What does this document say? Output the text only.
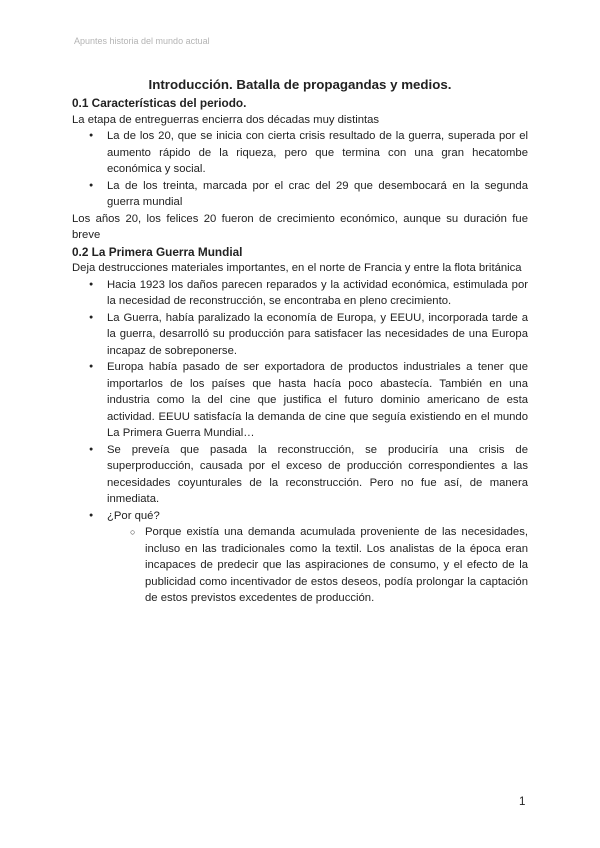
Apuntes historia del mundo actual
Introducción. Batalla de propagandas y medios.
0.1 Características del periodo.
La etapa de entreguerras encierra dos décadas muy distintas
● La de los 20, que se inicia con cierta crisis resultado de la guerra, superada por el aumento rápido de la riqueza, pero que termina con una gran hecatombe económica y social.
● La de los treinta, marcada por el crac del 29 que desembocará en la segunda guerra mundial
Los años 20, los felices 20 fueron de crecimiento económico, aunque su duración fue breve
0.2 La Primera Guerra Mundial
Deja destrucciones materiales importantes, en el norte de Francia y entre la flota británica
● Hacia 1923 los daños parecen reparados y la actividad económica, estimulada por la necesidad de reconstrucción, se encontraba en pleno crecimiento.
● La Guerra, había paralizado la economía de Europa, y EEUU, incorporada tarde a la guerra, desarrolló su producción para satisfacer las necesidades de una Europa incapaz de sobreponerse.
● Europa había pasado de ser exportadora de productos industriales a tener que importarlos de los países que hasta hacía poco abastecía. También en una industria como la del cine que justifica el futuro dominio americano de esta actividad. EEUU satisfacía la demanda de cine que seguía existiendo en el mundo La Primera Guerra Mundial…
● Se preveía que pasada la reconstrucción, se produciría una crisis de superproducción, causada por el exceso de producción correspondientes a las necesidades coyunturales de la reconstrucción. Pero no fue así, de manera inmediata.
● ¿Por qué?
○ Porque existía una demanda acumulada proveniente de las necesidades, incluso en las tradicionales como la textil. Los analistas de la época eran incapaces de predecir que las aspiraciones de consumo, y el efecto de la publicidad como incentivador de estos deseos, podía prolongar la captación de estos previstos excedentes de producción.
1
